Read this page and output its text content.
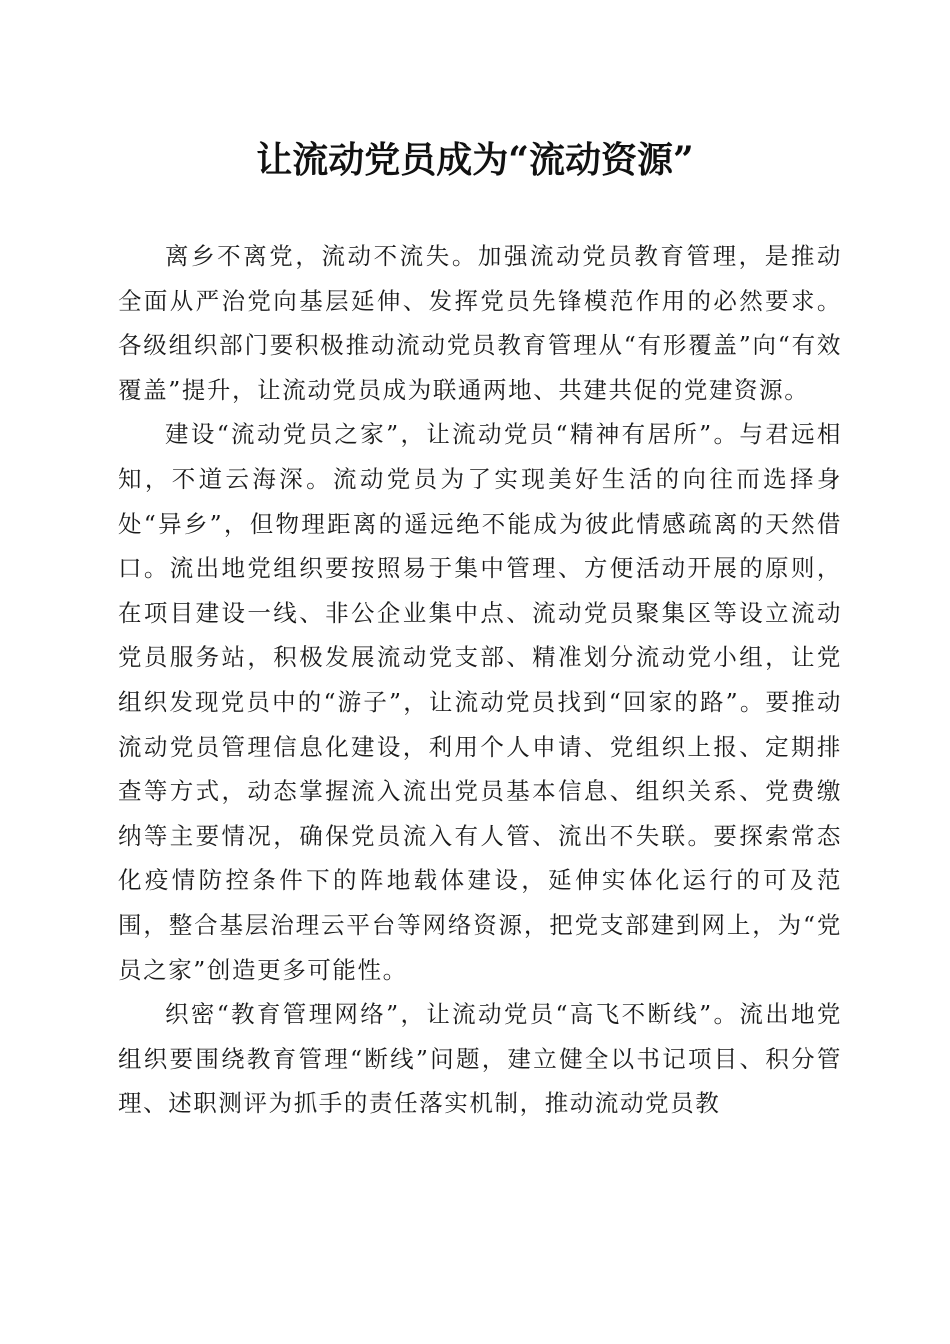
让流动党员成为“流动资源”

离乡不离党，流动不流失。加强流动党员教育管理，是推动全面从严治党向基层延伸、发挥党员先锋模范作用的必然要求。各级组织部门要积极推动流动党员教育管理从“有形覆盖”向“有效覆盖”提升，让流动党员成为联通两地、共建共促的党建资源。

建设“流动党员之家”，让流动党员“精神有居所”。与君远相知，不道云海深。流动党员为了实现美好生活的向往而选择身处“异乡”，但物理距离的遥远绝不能成为彼此情感疏离的天然借口。流出地党组织要按照易于集中管理、方便活动开展的原则，在项目建设一线、非公企业集中点、流动党员聚集区等设立流动党员服务站，积极发展流动党支部、精准划分流动党小组，让党组织发现党员中的“游子”，让流动党员找到“回家的路”。要推动流动党员管理信息化建设，利用个人申请、党组织上报、定期排查等方式，动态掌握流入流出党员基本信息、组织关系、党费缴纳等主要情况，确保党员流入有人管、流出不失联。要探索常态化疫情防控条件下的阵地载体建设，延伸实体化运行的可及范围，整合基层治理云平台等网络资源，把党支部建到网上，为“党员之家”创造更多可能性。

织密“教育管理网络”，让流动党员“高飞不断线”。流出地党组织要围绕教育管理“断线”问题，建立健全以书记项目、积分管理、述职测评为抓手的责任落实机制，推动流动党员教
